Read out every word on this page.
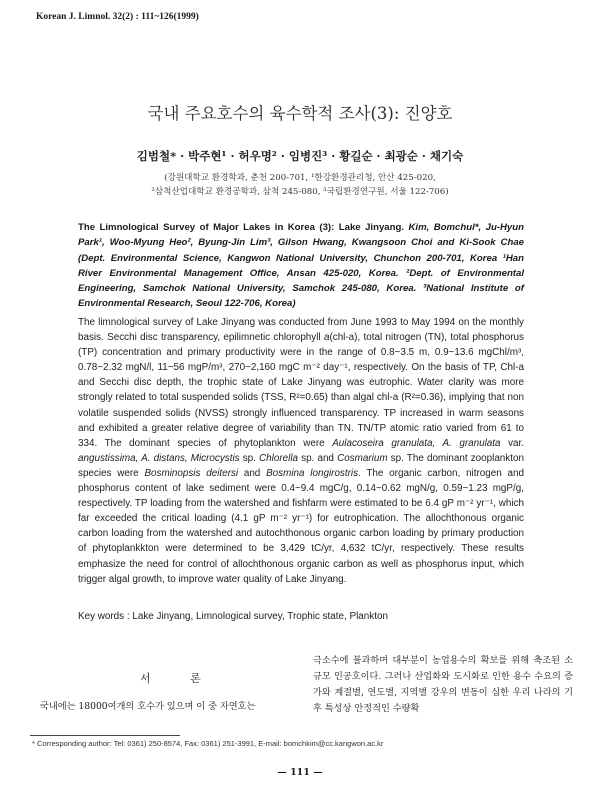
Korean J. Limnol. 32(2) : 111~126(1999)
국내 주요호수의 육수학적 조사(3): 진양호
김범철* · 박주현¹ · 허우명² · 임병진³ · 황길순 · 최광순 · 채기숙
(강원대학교 환경학과, 춘천 200-701, ¹한강환경관리청, 안산 425-020,
²삼척산업대학교 환경공학과, 삼척 245-080, ³국립환경연구원, 서울 122-706)
The Limnological Survey of Major Lakes in Korea (3): Lake Jinyang. Kim, Bomchul*, Ju-Hyun Park¹, Woo-Myung Heo², Byung-Jin Lim³, Gilson Hwang, Kwangsoon Choi and Ki-Sook Chae (Dept. Environmental Science, Kangwon National University, Chunchon 200-701, Korea ¹Han River Environmental Management Office, Ansan 425-020, Korea. ²Dept. of Environmental Engineering, Samchok National University, Samchok 245-080, Korea. ³National Institute of Environmental Research, Seoul 122-706, Korea)
The limnological survey of Lake Jinyang was conducted from June 1993 to May 1994 on the monthly basis. Secchi disc transparency, epilimnetic chlorophyll a(chl-a), total nitrogen (TN), total phosphorus (TP) concentration and primary productivity were in the range of 0.8~3.5 m, 0.9~13.6 mgChl/m³, 0.78~2.32 mgN/l, 11~56 mgP/m³, 270~2,160 mgC m⁻² day⁻¹, respectively. On the basis of TP, Chl-a and Secchi disc depth, the trophic state of Lake Jinyang was eutrophic. Water clarity was more strongly related to total suspended solids (TSS, R²=0.65) than algal chl-a (R²=0.36), implying that non volatile suspended solids (NVSS) strongly influenced transparency. TP increased in warm seasons and exhibited a greater relative degree of variability than TN. TN/TP atomic ratio varied from 61 to 334. The dominant species of phytoplankton were Aulacoseira granulata, A. granulata var. angustissima, A. distans, Microcystis sp. Chlorella sp. and Cosmarium sp. The dominant zooplankton species were Bosminopsis deitersi and Bosmina longirostris. The organic carbon, nitrogen and phosphorus content of lake sediment were 0.4~9.4 mgC/g, 0.14~0.62 mgN/g, 0.59~1.23 mgP/g, respectively. TP loading from the watershed and fishfarm were estimated to be 6.4 gP m⁻² yr⁻¹, which far exceeded the critical loading (4.1 gP m⁻² yr⁻¹) for eutrophication. The allochthonous organic carbon loading from the watershed and autochthonous organic carbon loading by primary production of phytoplankkton were determined to be 3,429 tC/yr, 4,632 tC/yr, respectively. These results emphasize the need for control of allochthonous organic carbon as well as phosphorus input, which trigger algal growth, to improve water quality of Lake Jinyang.
Key words : Lake Jinyang, Limnological survey, Trophic state, Plankton
서 론
국내에는 18000여개의 호수가 있으며 이 중 자연호는
극소수에 불과하며 대부분이 농업용수의 확보를 위해 축조된 소규모 인공호이다. 그러나 산업화와 도시화로 인한 용수 수요의 증가와 계절별, 연도별, 지역별 강우의 변동이 심한 우리 나라의 기후 특성상 안정적인 수량확
* Corresponding author: Tel: 0361) 250-8574, Fax: 0361) 251-3991, E-mail: bomchkim@cc.kangwon.ac.kr
— 111 —
